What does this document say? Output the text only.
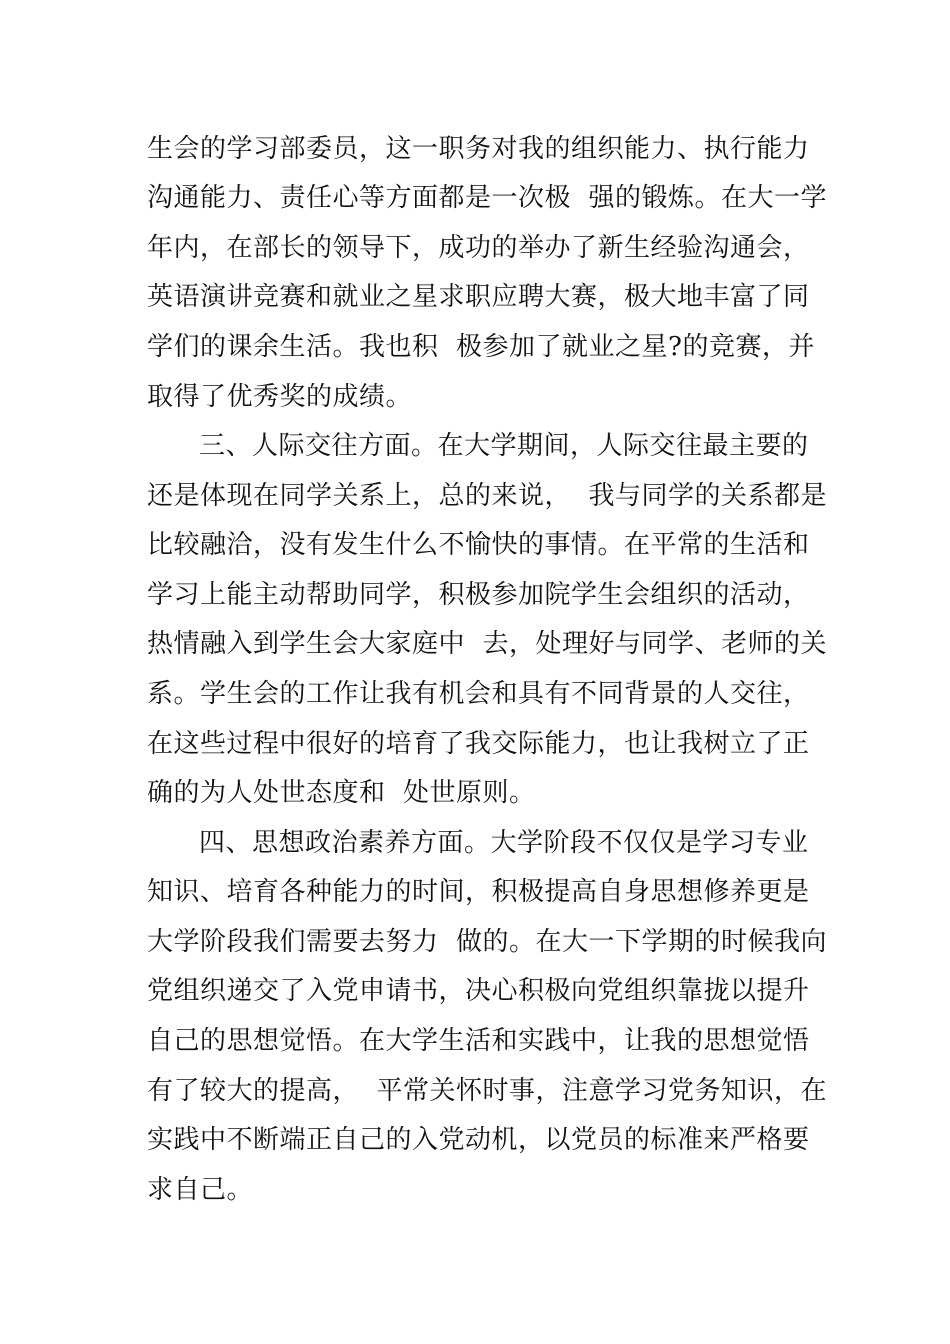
生会的学习部委员，这一职务对我的组织能力、执行能力
沟通能力、责任心等方面都是一次极  强的锻炼。在大一学
年内，在部长的领导下，成功的举办了新生经验沟通会，
英语演讲竞赛和就业之星求职应聘大赛，极大地丰富了同
学们的课余生活。我也积  极参加了就业之星?的竞赛，并
取得了优秀奖的成绩。
三、人际交往方面。在大学期间，人际交往最主要的
还是体现在同学关系上，总的来说，  我与同学的关系都是
比较融洽，没有发生什么不愉快的事情。在平常的生活和
学习上能主动帮助同学，积极参加院学生会组织的活动，
热情融入到学生会大家庭中  去，处理好与同学、老师的关
系。学生会的工作让我有机会和具有不同背景的人交往，
在这些过程中很好的培育了我交际能力，也让我树立了正
确的为人处世态度和  处世原则。
四、思想政治素养方面。大学阶段不仅仅是学习专业
知识、培育各种能力的时间，积极提高自身思想修养更是
大学阶段我们需要去努力  做的。在大一下学期的时候我向
党组织递交了入党申请书，决心积极向党组织靠拢以提升
自己的思想觉悟。在大学生活和实践中，让我的思想觉悟
有了较大的提高，  平常关怀时事，注意学习党务知识，在
实践中不断端正自己的入党动机，以党员的标准来严格要
求自己。
